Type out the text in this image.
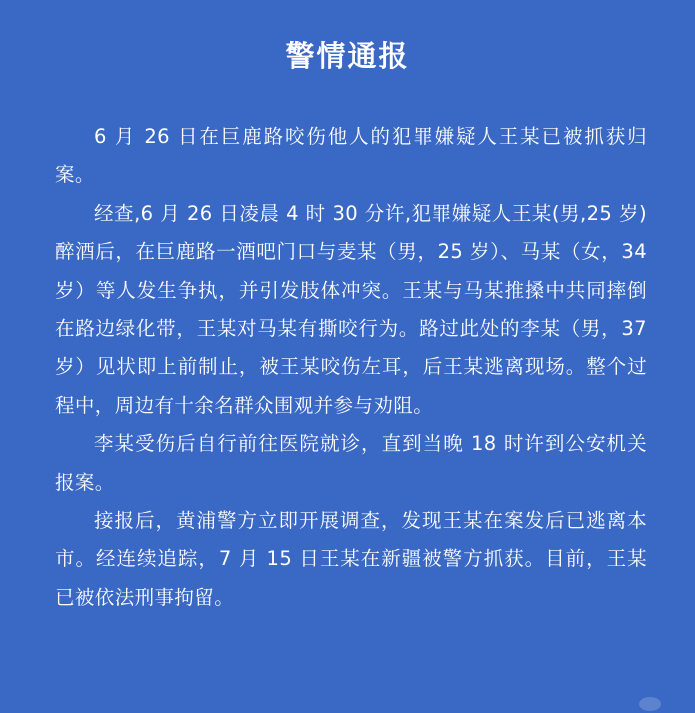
警情通报

6 月 26 日在巨鹿路咬伤他人的犯罪嫌疑人王某已被抓获归案。

经查,6 月 26 日凌晨 4 时 30 分许,犯罪嫌疑人王某(男,25 岁)醉酒后，在巨鹿路一酒吧门口与麦某（男，25 岁）、马某（女，34 岁）等人发生争执，并引发肢体冲突。王某与马某推搡中共同摔倒在路边绿化带，王某对马某有撕咬行为。路过此处的李某（男，37 岁）见状即上前制止，被王某咬伤左耳，后王某逃离现场。整个过程中，周边有十余名群众围观并参与劝阻。

李某受伤后自行前往医院就诊，直到当晚 18 时许到公安机关报案。

接报后，黄浦警方立即开展调查，发现王某在案发后已逃离本市。经连续追踪，7 月 15 日王某在新疆被警方抓获。目前，王某已被依法刑事拘留。
